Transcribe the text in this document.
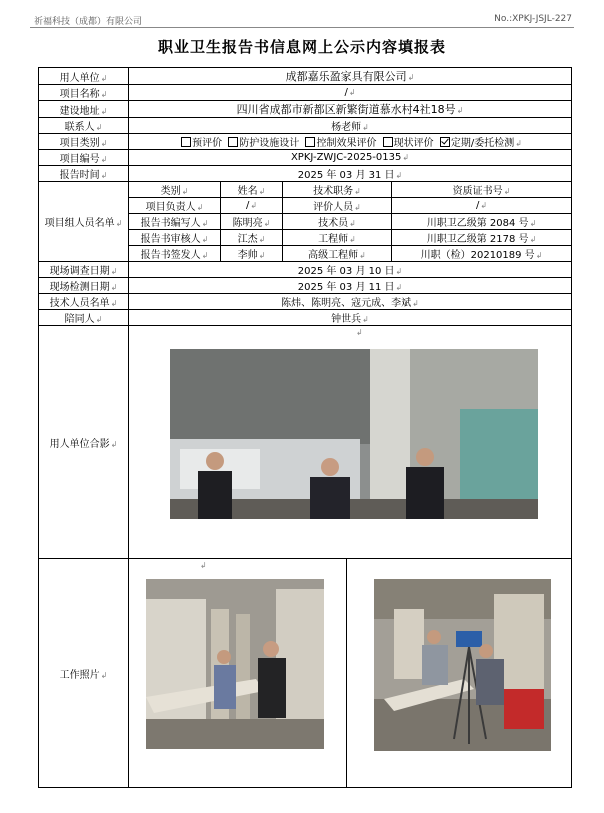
祈福科技（成都）有限公司	No.:XPKJ-JSJL-227
职业卫生报告书信息网上公示内容填报表
用人单位↲	成都嘉乐盈家具有限公司↲				
项目名称↲	/↲				
建设地址↲	四川省成都市新都区新繁街道慕水村4社18号↲				
联系人↲	杨老师↲				
项目类别↲	预评价 防护设施设计 控制效果评价 现状评价 定期/委托检测↲				
项目编号↲	XPKJ-ZWJC-2025-0135↲				
报告时间↲	2025 年 03 月 31 日↲				
项目组人员名单↲	类别↲	姓名↲	技术职务↲		资质证书号↲
	项目负责人↲	/↲	评价人员↲		/↲
	报告书编写人↲	陈明亮↲	技术员↲		川职卫乙级第 2084 号↲
	报告书审核人↲	江杰↲	工程师↲		川职卫乙级第 2178 号↲
	报告书签发人↲	李帅↲	高级工程师↲		川职（检）20210189 号↲
现场调查日期↲	2025 年 03 月 10 日↲				
现场检测日期↲	2025 年 03 月 11 日↲				
技术人员名单↲	陈炜、陈明亮、寇元成、李斌↲				
陪同人↲	钟世兵↲				
用人单位合影↲	↲				

工作照片↲	↲
